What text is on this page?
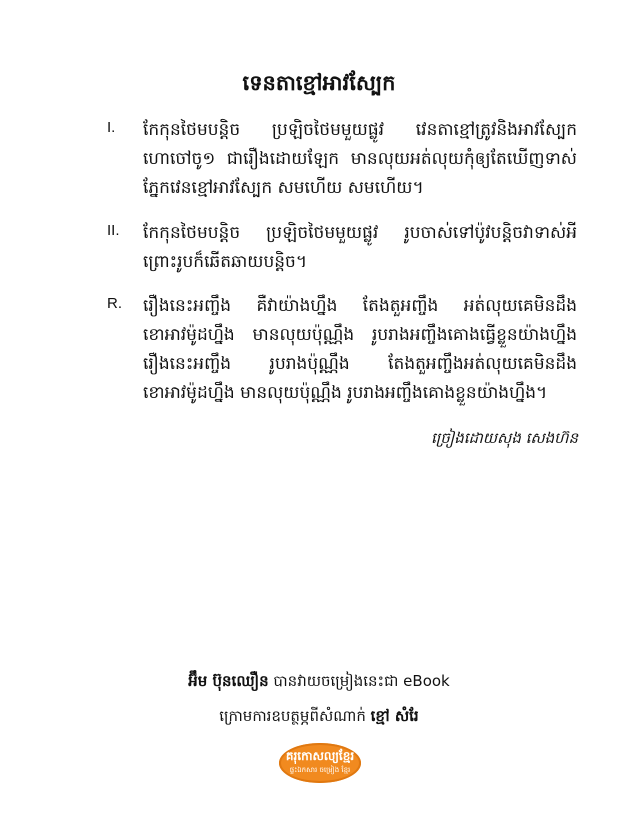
ទេនតាខ្មៅអាវស្បែក
I. កែកុនថៃមបន្តិច ប្រឡិចថៃមមួយផ្លូវ វេនតាខ្មៅត្រូវនិងអាវស្បែក
ហោចៅចូ១ ជារឿងដោយឡែក មានលុយអត់លុយកុំឲ្យតែឃើញទាស់
ភ្នែកវេនខ្មៅអាវស្បែក សមហើយ សមហើយ។
II. កែកុនថៃមបន្តិច ប្រឡិចថៃមមួយផ្លូវ រូបចាស់ទៅប៉ូវបន្តិចវាទាស់អី
ព្រោះរូបក៏ឆើតឆាយបន្តិច។
R. រឿងនេះអញ្ចឹង គឺវាយ៉ាងហ្នឹង តែងតួអញ្ចឹង អត់លុយគេមិនដឹង
ខោអាវម៉ូដហ្នឹង មានលុយប៉ុណ្ណឹង រូបរាងអញ្ចឹងគោងធ្វើខ្លួនយ៉ាងហ្នឹង
រឿងនេះអញ្ចឹង រូបរាងប៉ុណ្ណឹង តែងតួអញ្ចឹងអត់លុយគេមិនដឹង
ខោអាវម៉ូដហ្នឹង មានលុយប៉ុណ្ណឹង រូបរាងអញ្ចឹងគោងខ្លួនយ៉ាងហ្នឹង។
ច្រៀងដោយសុង សេងហ៊ន
អ៊ឹម ប៊ុនឈឿន បានវាយចម្រៀងនេះជា eBook
ក្រោមការឧបត្ថម្ភពីសំណាក់ ខ្មៅ សំរែ
គរុកោសល្យខ្មែរ
ផ្ទះឯកសារ ចម្រៀង ខ្មែរ
